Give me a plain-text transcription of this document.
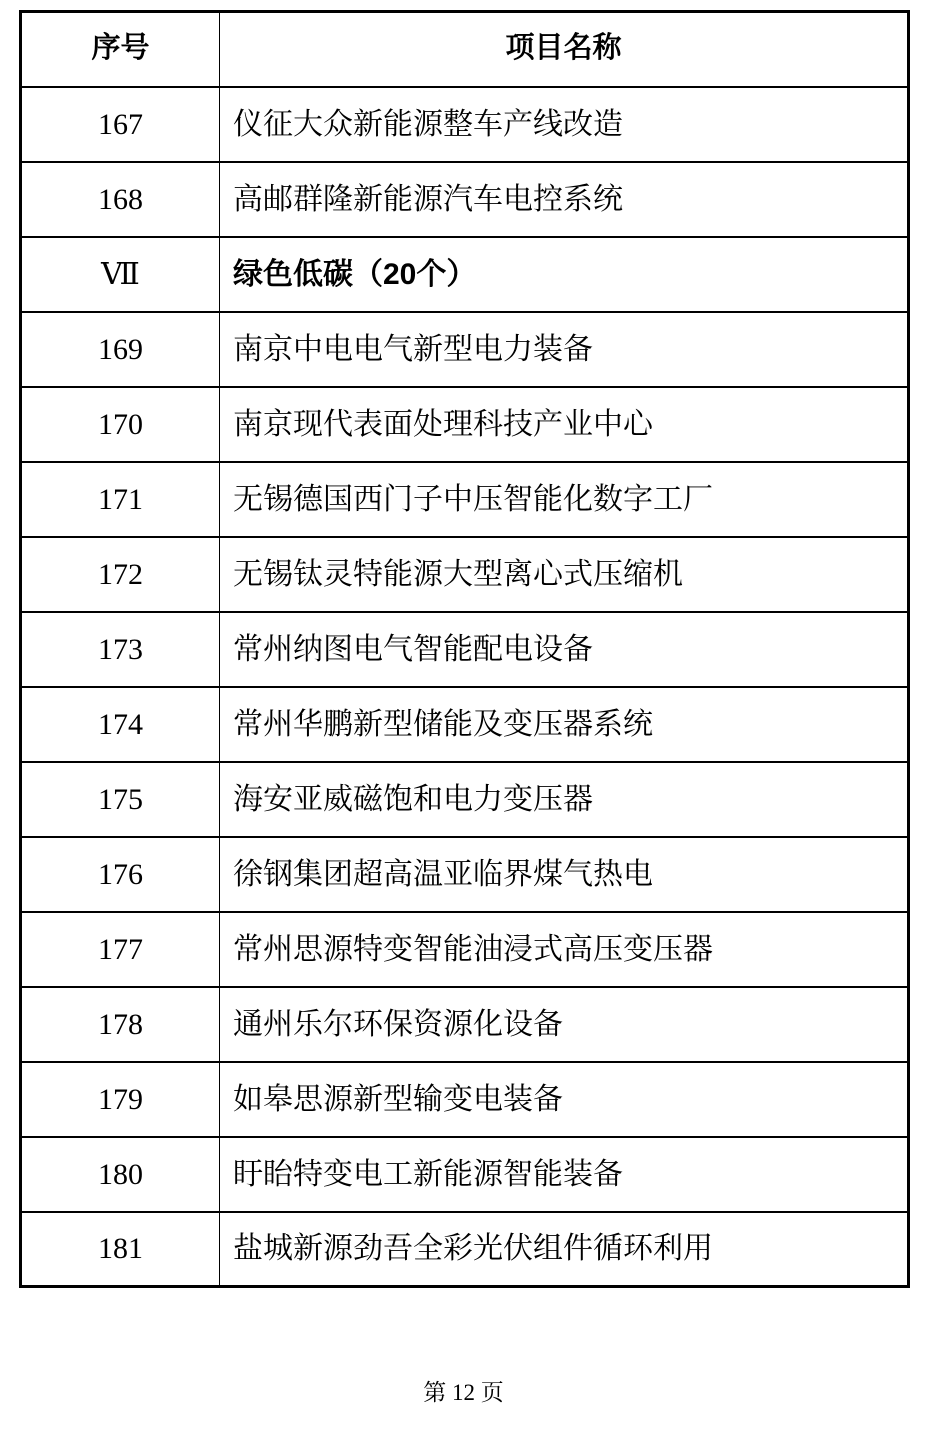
序号	项目名称
167	仪征大众新能源整车产线改造
168	高邮群隆新能源汽车电控系统
Ⅶ	绿色低碳（20个）
169	南京中电电气新型电力装备
170	南京现代表面处理科技产业中心
171	无锡德国西门子中压智能化数字工厂
172	无锡钛灵特能源大型离心式压缩机
173	常州纳图电气智能配电设备
174	常州华鹏新型储能及变压器系统
175	海安亚威磁饱和电力变压器
176	徐钢集团超高温亚临界煤气热电
177	常州思源特变智能油浸式高压变压器
178	通州乐尔环保资源化设备
179	如皋思源新型输变电装备
180	盱眙特变电工新能源智能装备
181	盐城新源劲吾全彩光伏组件循环利用
第 12 页
